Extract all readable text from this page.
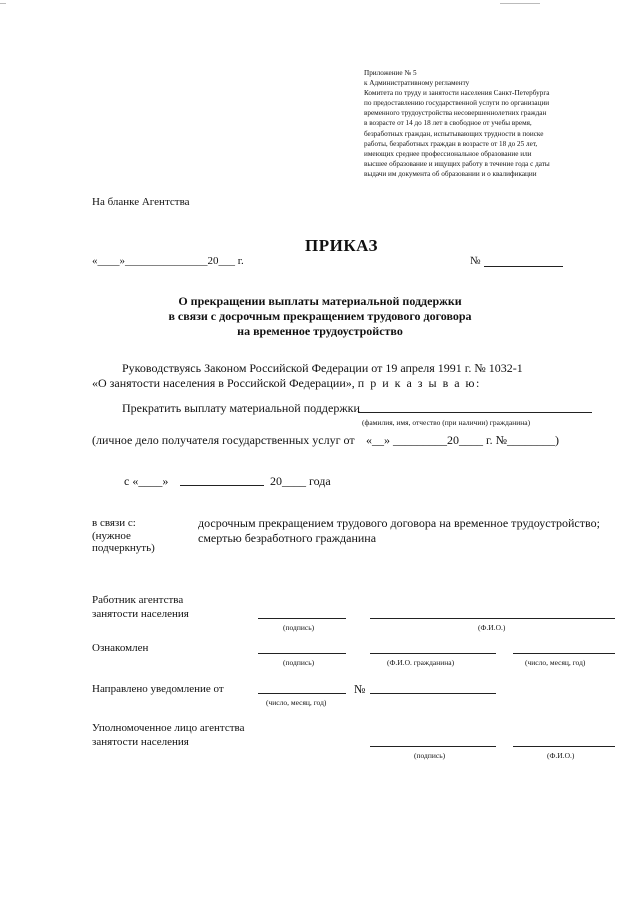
Приложение № 5
к Административному регламенту
Комитета по труду и занятости населения Санкт-Петербурга
по предоставлению государственной услуги по организации
временного трудоустройства несовершеннолетних граждан
в возрасте от 14 до 18 лет в свободное от учебы время,
безработных граждан, испытывающих трудности в поиске
работы, безработных граждан в возрасте от 18 до 25 лет,
имеющих среднее профессиональное образование или
высшее образование и ищущих работу в течение года с даты
выдачи им документа об образовании и о квалификации
На бланке Агентства
ПРИКАЗ
«____»_______________20___ г.	№
О прекращении выплаты материальной поддержки
в связи с досрочным прекращением трудового договора
на временное трудоустройство
Руководствуясь Законом Российской Федерации от 19 апреля 1991 г. № 1032-1
«О занятости населения в Российской Федерации», п р и к а з ы в а ю:
Прекратить выплату материальной поддержки
(фамилия, имя, отчество (при наличии) гражданина)
(личное дело получателя государственных услуг от «__» _________20____ г. №________)
с «____»	20____ года
в связи с:
(нужное
подчеркнуть)
досрочным прекращением трудового договора на временное трудоустройство;
смертью безработного гражданина
Работник агентства
занятости населения
(подпись)	(Ф.И.О.)
Ознакомлен
(подпись)	(Ф.И.О. гражданина)	(число, месяц, год)
Направлено уведомление от	№
(число, месяц, год)
Уполномоченное лицо агентства
занятости населения
(подпись)	(Ф.И.О.)
